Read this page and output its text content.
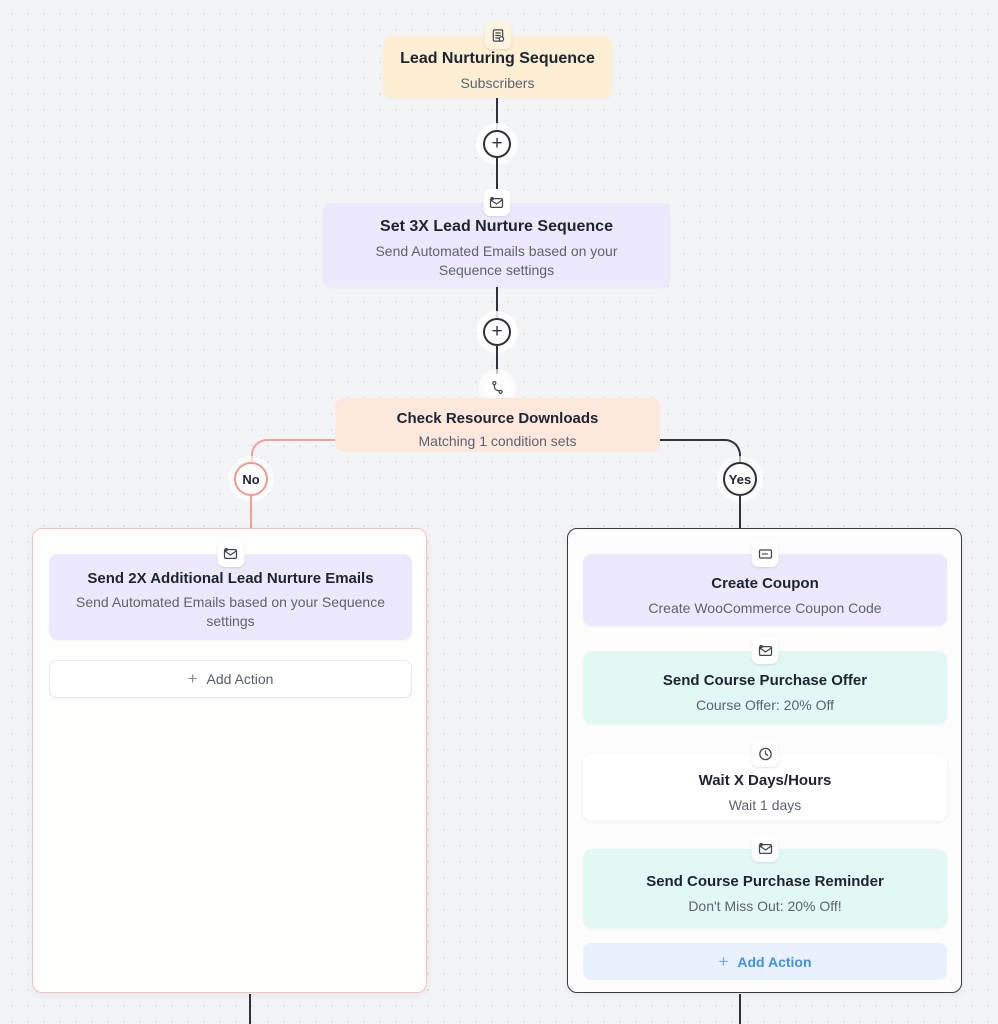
Lead Nurturing Sequence
Subscribers
+
Set 3X Lead Nurture Sequence
Send Automated Emails based on your Sequence settings
+
Check Resource Downloads
Matching 1 condition sets
No	Yes
Send 2X Additional Lead Nurture Emails
Send Automated Emails based on your Sequence settings
+ Add Action
Create Coupon
Create WooCommerce Coupon Code
Send Course Purchase Offer
Course Offer: 20% Off
Wait X Days/Hours
Wait 1 days
Send Course Purchase Reminder
Don't Miss Out: 20% Off!
+ Add Action
